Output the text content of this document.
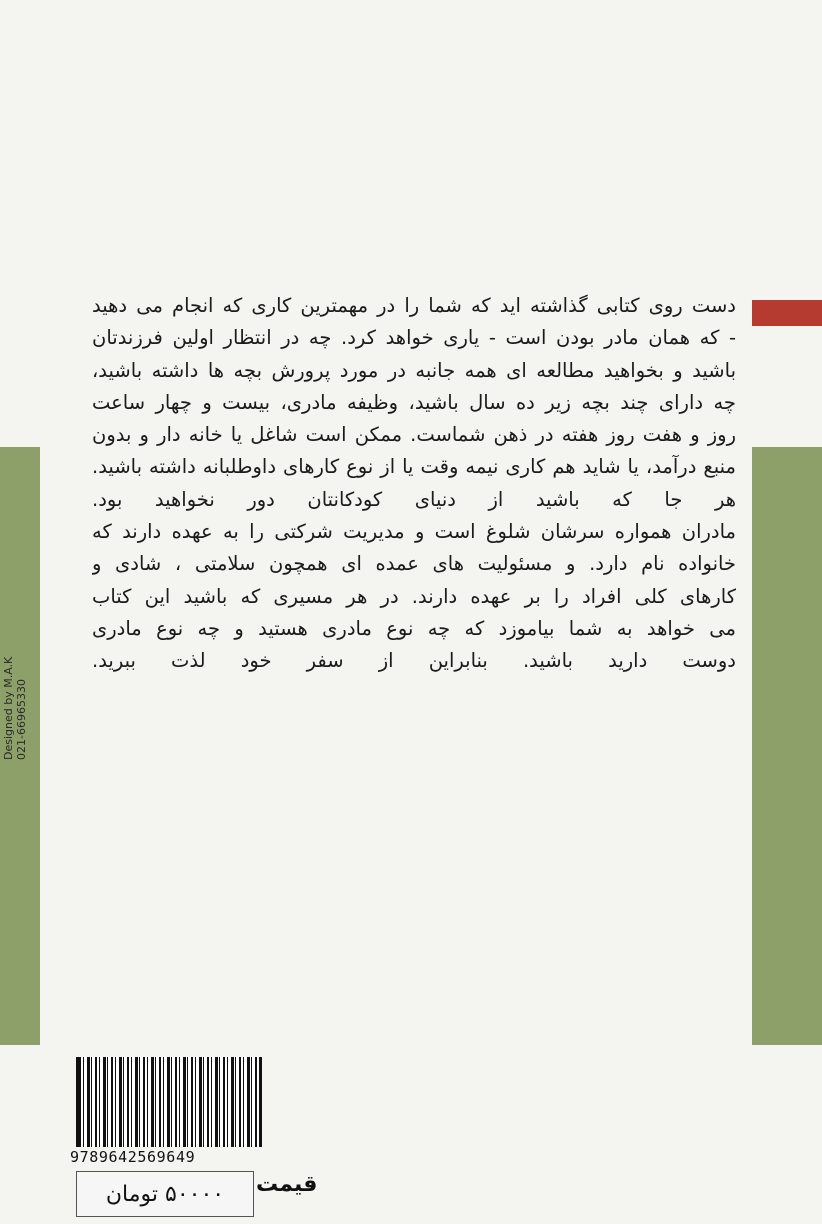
Designed by M.A.K 021-66965330
دست روی کتابی گذاشته اید که شما را در مهمترین کاری که انجام می دهید
- که همان مادر بودن است - یاری خواهد کرد. چه در انتظار اولین فرزندتان
باشید و بخواهید مطالعه ای همه جانبه در مورد پرورش بچه ها داشته باشید،
چه دارای چند بچه زیر ده سال باشید، وظیفه مادری، بیست و چهار ساعت
روز و هفت روز هفته در ذهن شماست. ممکن است شاغل یا خانه دار و بدون
منبع درآمد، یا شاید هم کاری نیمه وقت یا از نوع کارهای داوطلبانه داشته باشید.
هر جا که باشید از دنیای کودکانتان دور نخواهید بود.
مادران همواره سرشان شلوغ است و مدیریت شرکتی را به عهده دارند که
خانواده نام دارد. و مسئولیت های عمده ای همچون سلامتی ، شادی و
کارهای کلی افراد را بر عهده دارند. در هر مسیری که باشید این کتاب
می خواهد به شما بیاموزد که چه نوع مادری هستید و چه نوع مادری
دوست دارید باشید. بنابراین از سفر خود لذت ببرید.
9789642569649
۵۰۰۰۰ تومان قیمت
